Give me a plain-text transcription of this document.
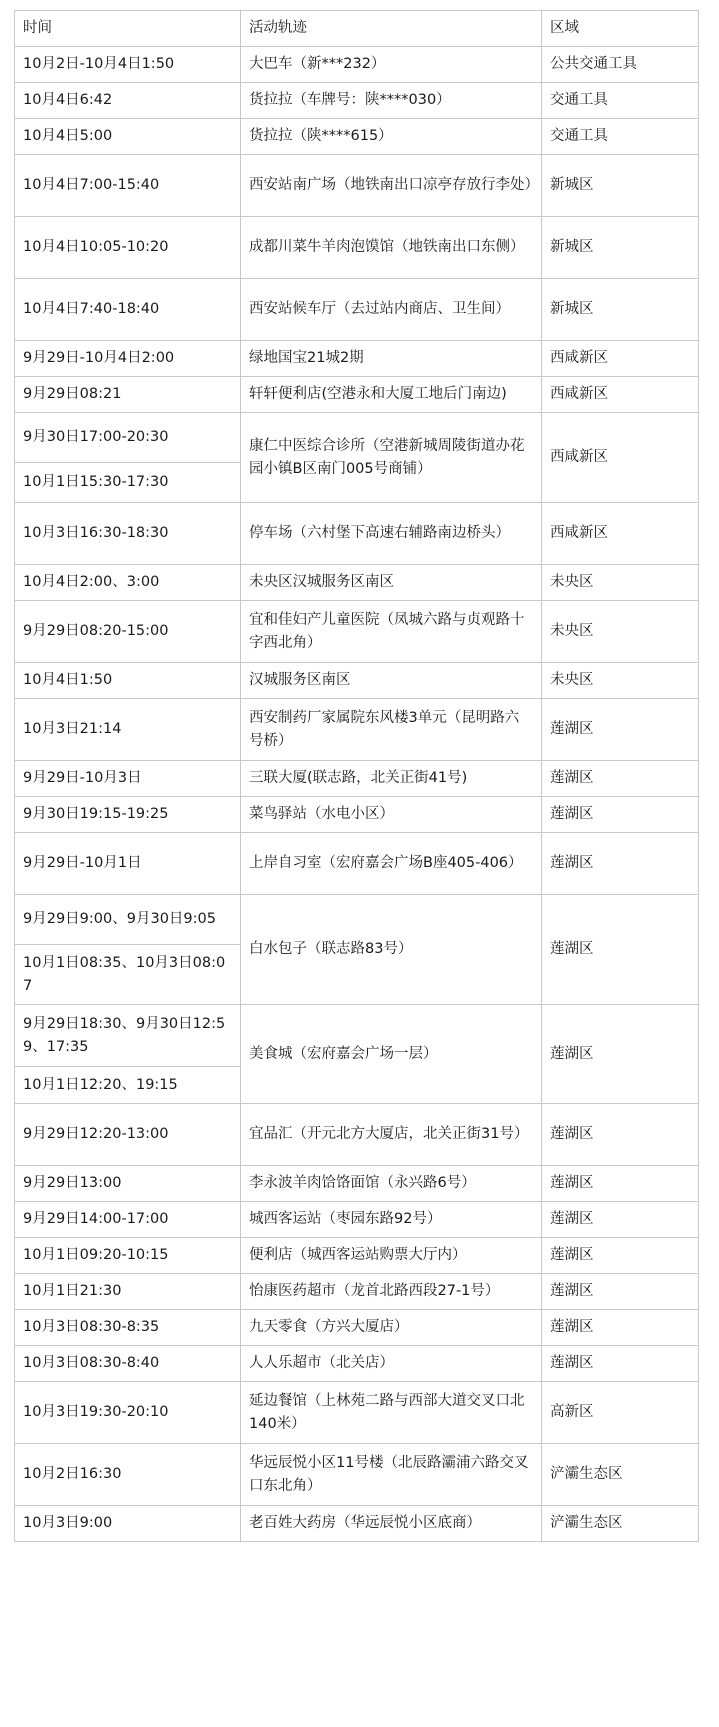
时间	活动轨迹	区域
10月2日-10月4日1:50	大巴车（新***232）	公共交通工具
10月4日6:42	货拉拉（车牌号：陕****030）	交通工具
10月4日5:00	货拉拉（陕****615）	交通工具
10月4日7:00-15:40	西安站南广场（地铁南出口凉亭存放行李处）	新城区
10月4日10:05-10:20	成都川菜牛羊肉泡馍馆（地铁南出口东侧）	新城区
10月4日7:40-18:40	西安站候车厅（去过站内商店、卫生间）	新城区
9月29日-10月4日2:00	绿地国宝21城2期	西咸新区
9月29日08:21	轩轩便利店(空港永和大厦工地后门南边)	西咸新区
9月30日17:00-20:30	康仁中医综合诊所（空港新城周陵街道办花园小镇B区南门005号商铺）	西咸新区
10月1日15:30-17:30		
10月3日16:30-18:30	停车场（六村堡下高速右辅路南边桥头）	西咸新区
10月4日2:00、3:00	未央区汉城服务区南区	未央区
9月29日08:20-15:00	宜和佳妇产儿童医院（凤城六路与贞观路十字西北角）	未央区
10月4日1:50	汉城服务区南区	未央区
10月3日21:14	西安制药厂家属院东风楼3单元（昆明路六号桥）	莲湖区
9月29日-10月3日	三联大厦(联志路，北关正街41号)	莲湖区
9月30日19:15-19:25	菜鸟驿站（水电小区）	莲湖区
9月29日-10月1日	上岸自习室（宏府嘉会广场B座405-406）	莲湖区
9月29日9:00、9月30日9:05	白水包子（联志路83号）	莲湖区
10月1日08:35、10月3日08:07		
9月29日18:30、9月30日12:59、17:35	美食城（宏府嘉会广场一层）	莲湖区
10月1日12:20、19:15		
9月29日12:20-13:00	宜品汇（开元北方大厦店，北关正街31号）	莲湖区
9月29日13:00	李永波羊肉饸饹面馆（永兴路6号）	莲湖区
9月29日14:00-17:00	城西客运站（枣园东路92号）	莲湖区
10月1日09:20-10:15	便利店（城西客运站购票大厅内）	莲湖区
10月1日21:30	怡康医药超市（龙首北路西段27-1号）	莲湖区
10月3日08:30-8:35	九天零食（方兴大厦店）	莲湖区
10月3日08:30-8:40	人人乐超市（北关店）	莲湖区
10月3日19:30-20:10	延边餐馆（上林苑二路与西部大道交叉口北140米）	高新区
10月2日16:30	华远辰悦小区11号楼（北辰路灞浦六路交叉口东北角）	浐灞生态区
10月3日9:00	老百姓大药房（华远辰悦小区底商）	浐灞生态区
